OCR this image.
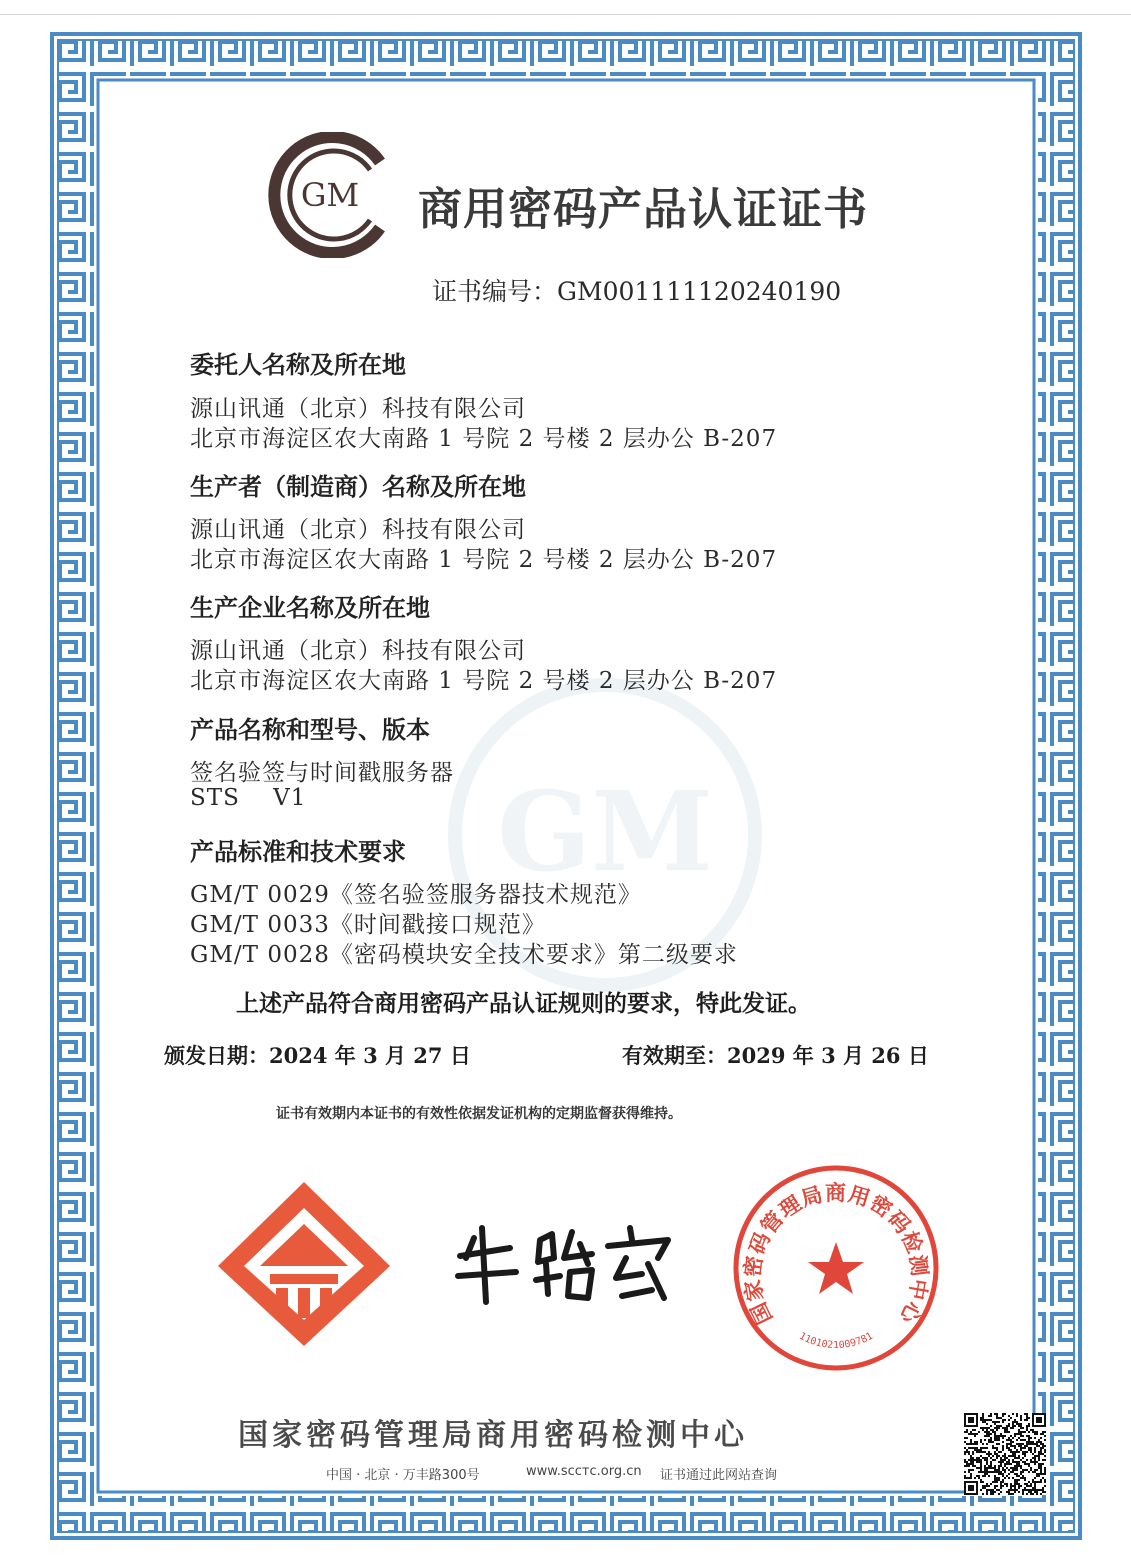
GM
GM 商用密码产品认证证书
证书编号：GM001111120240190
委托人名称及所在地
源山讯通（北京）科技有限公司
北京市海淀区农大南路 1 号院 2 号楼 2 层办公 B-207
生产者（制造商）名称及所在地
源山讯通（北京）科技有限公司
北京市海淀区农大南路 1 号院 2 号楼 2 层办公 B-207
生产企业名称及所在地
源山讯通（北京）科技有限公司
北京市海淀区农大南路 1 号院 2 号楼 2 层办公 B-207
产品名称和型号、版本
签名验签与时间戳服务器
STS    V1
产品标准和技术要求
GM/T 0029《签名验签服务器技术规范》
GM/T 0033《时间戳接口规范》
GM/T 0028《密码模块安全技术要求》第二级要求
上述产品符合商用密码产品认证规则的要求，特此发证。
颁发日期：2024 年 3 月 27 日	有效期至：2029 年 3 月 26 日
证书有效期内本证书的有效性依据发证机构的定期监督获得维持。
国家密码管理局商用密码检测中心
1101021009781
国家密码管理局商用密码检测中心
中国 · 北京 · 万丰路300号	www.sccтс.org.cn 证书通过此网站查询
